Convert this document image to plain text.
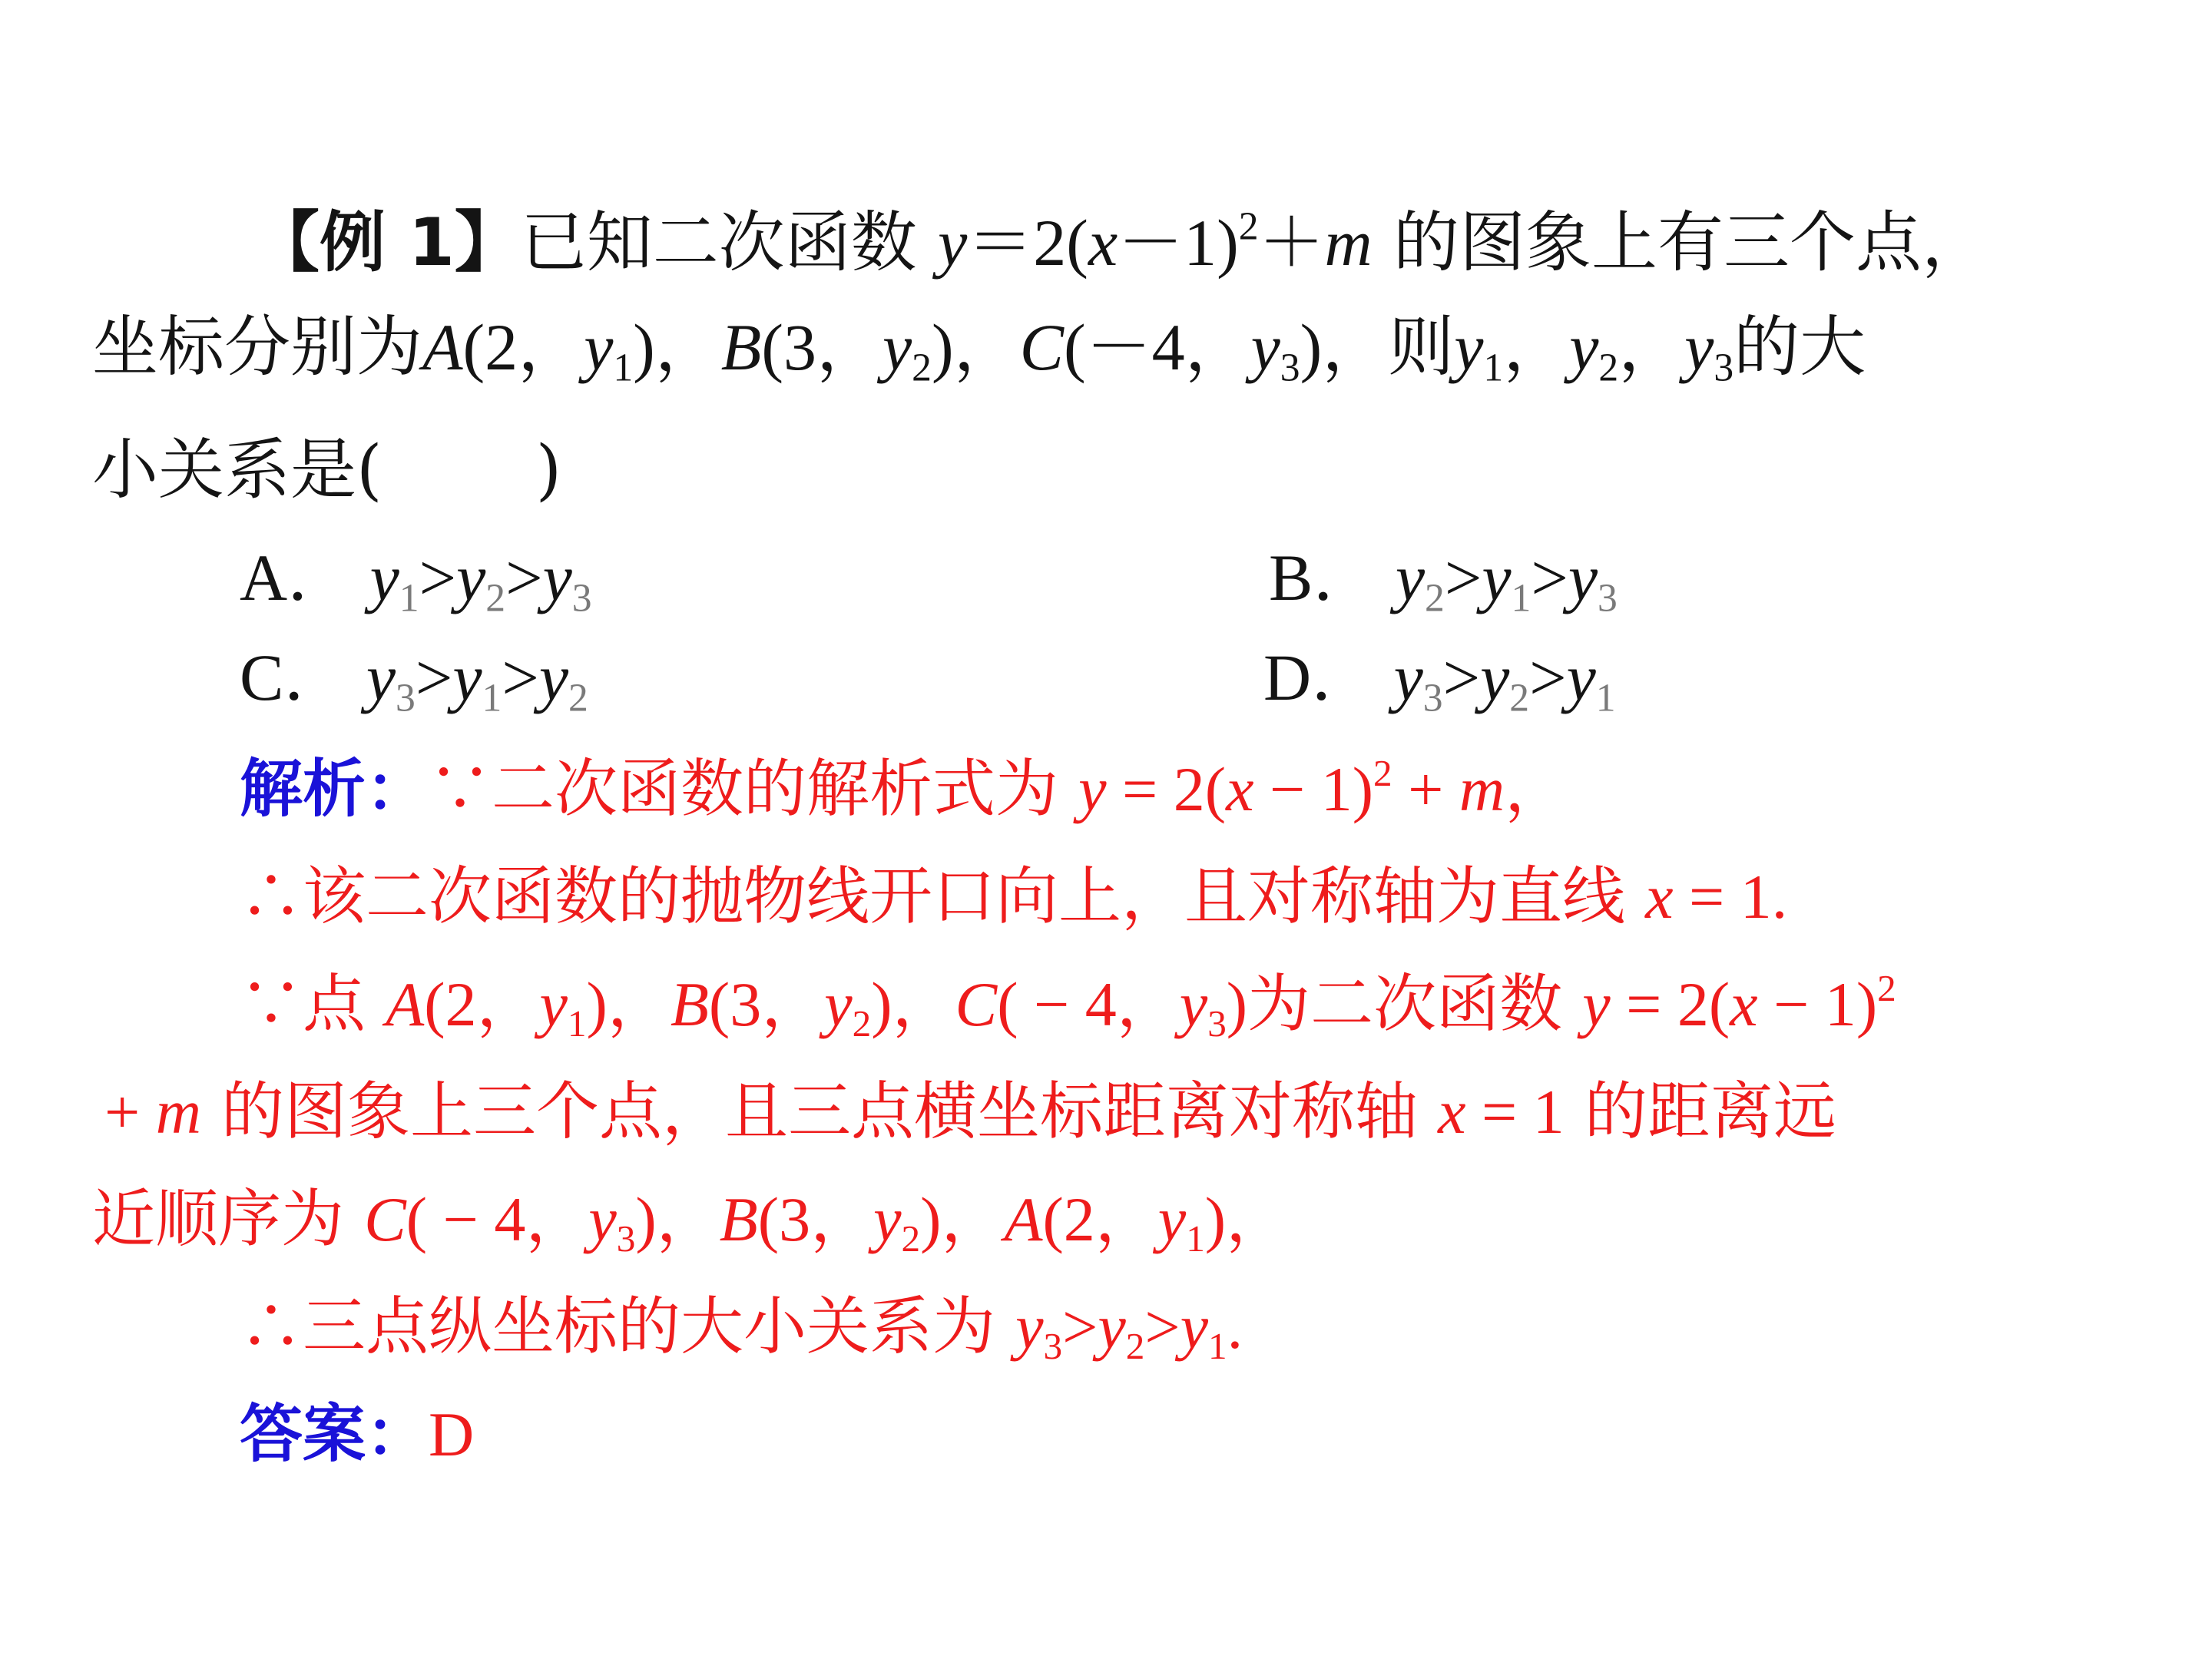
【例 1】已知二次函数 $y=2(x-1)^2+m$ 的图象上有三个点，
坐标分别为A(2，$y_1$)，B(3，$y_2$)，C(－4，$y_3$)，则$y_1$，$y_2$，$y_3$的大
小关系是( )
A． $y_1>y_2>y_3$	B． $y_2>y_1>y_3$
C． $y_3>y_1>y_2$	D． $y_3>y_2>y_1$
解析：∵二次函数的解析式为 $y = 2(x - 1)^2 + m$，
∴该二次函数的抛物线开口向上，且对称轴为直线 x = 1.
∵点 A(2，$y_1$)，B(3，$y_2$)，C( − 4，$y_3$)为二次函数 $y = 2(x - 1)^2$
+ m 的图象上三个点，且三点横坐标距离对称轴 x = 1 的距离远
近顺序为 C( − 4，$y_3$)，B(3，$y_2$)，A(2，$y_1$)，
∴三点纵坐标的大小关系为 $y_3>y_2>y_1$.
答案：D
